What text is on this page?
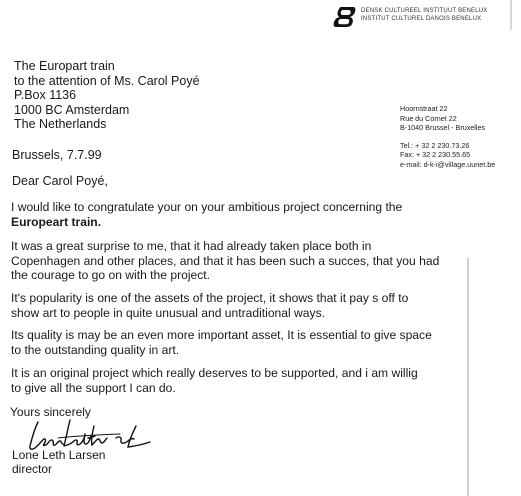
DENSK CULTUREEL INSTITUUT BENELUX
INSTITUT CULTUREL DANOIS BENELUX
Hoornstraat 22
Rue du Cornet 22
B-1040 Brussel - Bruxelles
Tel.: + 32 2 230.73.26
Fax: + 32 2 230.55.65
e-mail: d-k-i@village.uunet.be
The Europart train
to the attention of Ms. Carol Poyé
P.Box 1136
1000 BC Amsterdam
The Netherlands
Brussels, 7.7.99
Dear Carol Poyé,
I would like to congratulate your on your ambitious project concerning the
Europeart train.
It was a great surprise to me, that it had already taken place both in
Copenhagen and other places, and that it has been such a succes, that you had
the courage to go on with the project.
It's popularity is one of the assets of the project, it shows that it pay s off to
show art to people in quite unusual and untraditional ways.
Its quality is may be an even more important asset, It is essential to give space
to the outstanding quality in art.
It is an original project which really deserves to be supported, and i am willig
to give all the support I can do.
Yours sincerely
Lone Leth Larsen
director
